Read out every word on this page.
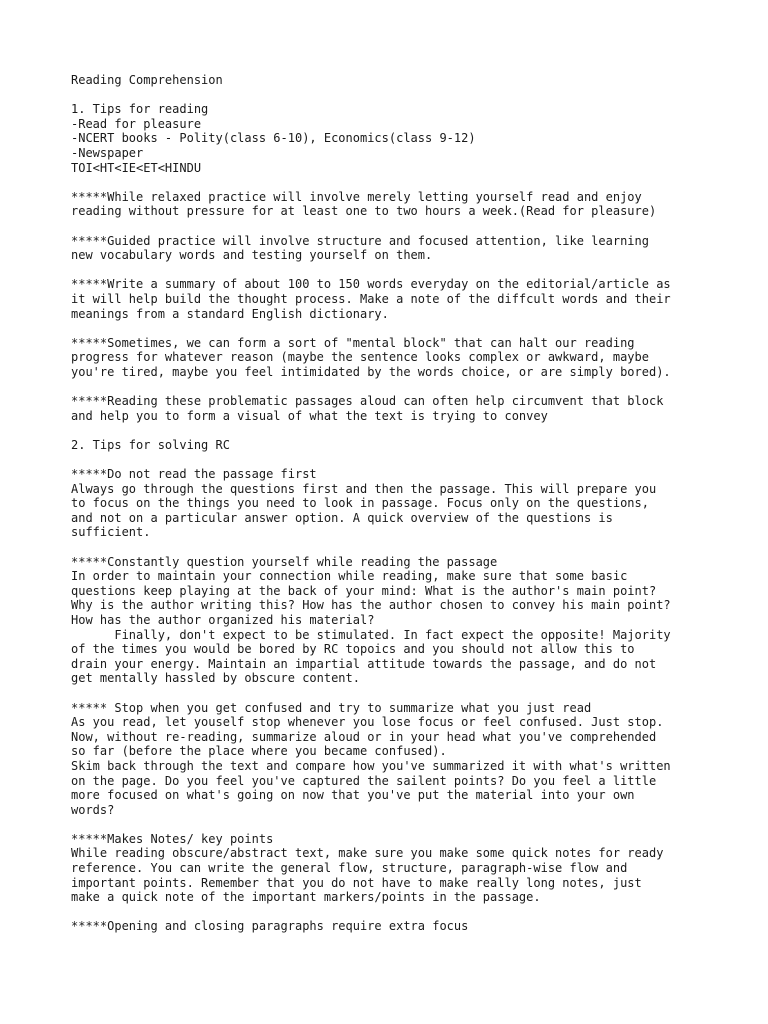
Reading Comprehension
1. Tips for reading
-Read for pleasure
-NCERT books - Polity(class 6-10), Economics(class 9-12)
-Newspaper
TOI<HT<IE<ET<HINDU
*****While relaxed practice will involve merely letting yourself read and enjoy
reading without pressure for at least one to two hours a week.(Read for pleasure)
*****Guided practice will involve structure and focused attention, like learning
new vocabulary words and testing yourself on them.
*****Write a summary of about 100 to 150 words everyday on the editorial/article as
it will help build the thought process. Make a note of the diffcult words and their
meanings from a standard English dictionary.
*****Sometimes, we can form a sort of "mental block" that can halt our reading
progress for whatever reason (maybe the sentence looks complex or awkward, maybe
you're tired, maybe you feel intimidated by the words choice, or are simply bored).
*****Reading these problematic passages aloud can often help circumvent that block
and help you to form a visual of what the text is trying to convey
2. Tips for solving RC
*****Do not read the passage first
Always go through the questions first and then the passage. This will prepare you
to focus on the things you need to look in passage. Focus only on the questions,
and not on a particular answer option. A quick overview of the questions is
sufficient.
*****Constantly question yourself while reading the passage
In order to maintain your connection while reading, make sure that some basic
questions keep playing at the back of your mind: What is the author's main point?
Why is the author writing this? How has the author chosen to convey his main point?
How has the author organized his material?
Finally, don't expect to be stimulated. In fact expect the opposite! Majority
of the times you would be bored by RC topoics and you should not allow this to
drain your energy. Maintain an impartial attitude towards the passage, and do not
get mentally hassled by obscure content.
***** Stop when you get confused and try to summarize what you just read
As you read, let youself stop whenever you lose focus or feel confused. Just stop.
Now, without re-reading, summarize aloud or in your head what you've comprehended
so far (before the place where you became confused).
Skim back through the text and compare how you've summarized it with what's written
on the page. Do you feel you've captured the sailent points? Do you feel a little
more focused on what's going on now that you've put the material into your own
words?
*****Makes Notes/ key points
While reading obscure/abstract text, make sure you make some quick notes for ready
reference. You can write the general flow, structure, paragraph-wise flow and
important points. Remember that you do not have to make really long notes, just
make a quick note of the important markers/points in the passage.
*****Opening and closing paragraphs require extra focus
